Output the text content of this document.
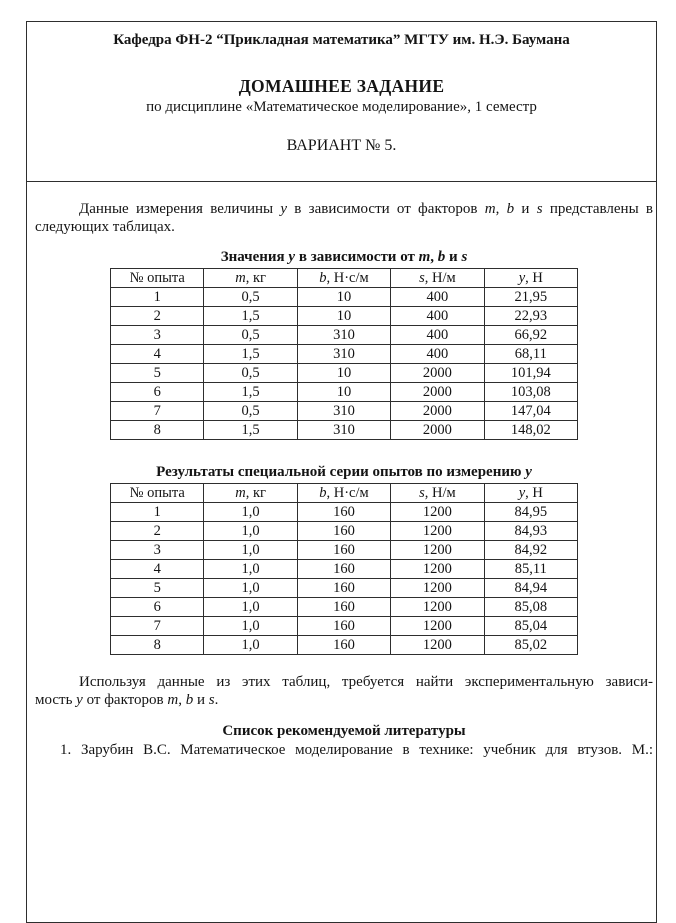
Кафедра ФН-2 “Прикладная математика” МГТУ им. Н.Э. Баумана
ДОМАШНЕЕ ЗАДАНИЕ
по дисциплине «Математическое моделирование», 1 семестр
ВАРИАНТ № 5.
Данные измерения величины y в зависимости от факторов m, b и s представлены в
следующих таблицах.
Значения y в зависимости от m, b и s
№ опыта	m, кг	b, Н·с/м	s, Н/м	y, Н
1	0,5	10	400	21,95
2	1,5	10	400	22,93
3	0,5	310	400	66,92
4	1,5	310	400	68,11
5	0,5	10	2000	101,94
6	1,5	10	2000	103,08
7	0,5	310	2000	147,04
8	1,5	310	2000	148,02
Результаты специальной серии опытов по измерению y
№ опыта	m, кг	b, Н·с/м	s, Н/м	y, Н
1	1,0	160	1200	84,95
2	1,0	160	1200	84,93
3	1,0	160	1200	84,92
4	1,0	160	1200	85,11
5	1,0	160	1200	84,94
6	1,0	160	1200	85,08
7	1,0	160	1200	85,04
8	1,0	160	1200	85,02
Используя данные из этих таблиц, требуется найти экспериментальную зависи-
мость y от факторов m, b и s.
Список рекомендуемой литературы
1. Зарубин В.С. Математическое моделирование в технике: учебник для втузов. М.:
